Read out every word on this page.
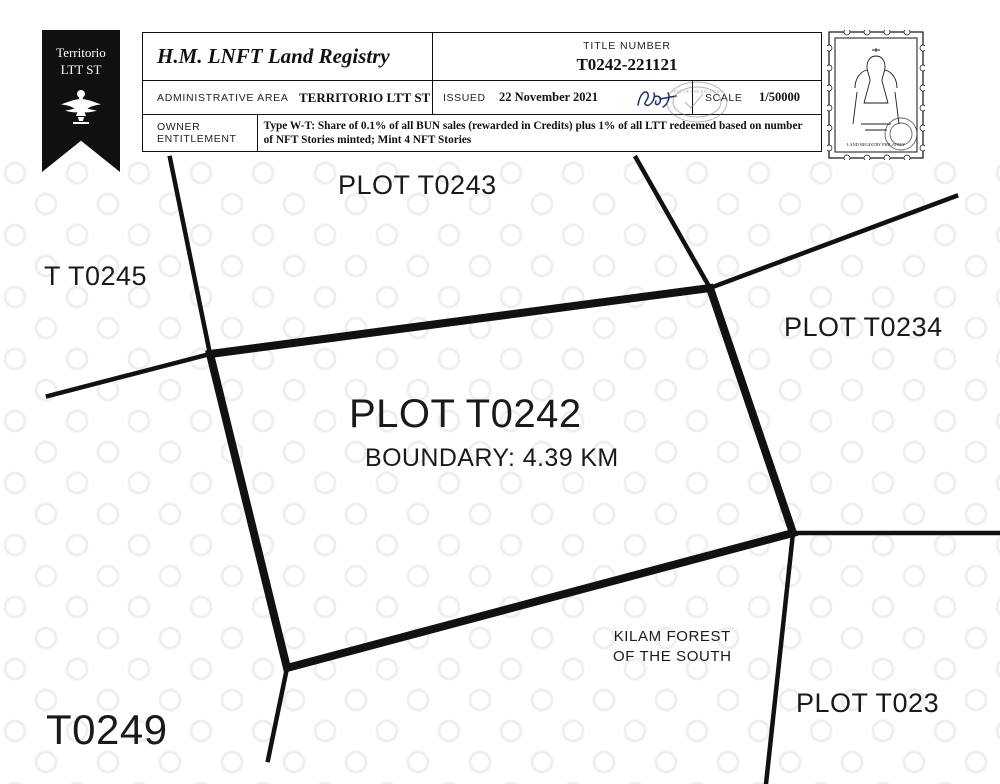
PLOT T0242
BOUNDARY: 4.39 KM
PLOT T0243
T T0245
PLOT T0234
T0249
PLOT T023
KILAM FOREST
OF THE SOUTH
Territorio
LTT ST
H.M. LNFT Land Registry	TITLE NUMBER
T0242-221121
ADMINISTRATIVE AREA TERRITORIO LTT ST	ISSUED	22 November 2021	SCALE	1/50000
OWNER ENTITLEMENT
Type W-T: Share of 0.1% of all BUN sales (rewarded in Credits) plus 1% of all LTT redeemed based on number of NFT Stories minted; Mint 4 NFT Stories
SEAL OF THE REGISTRY
LAND REGISTRY PHILATELY
